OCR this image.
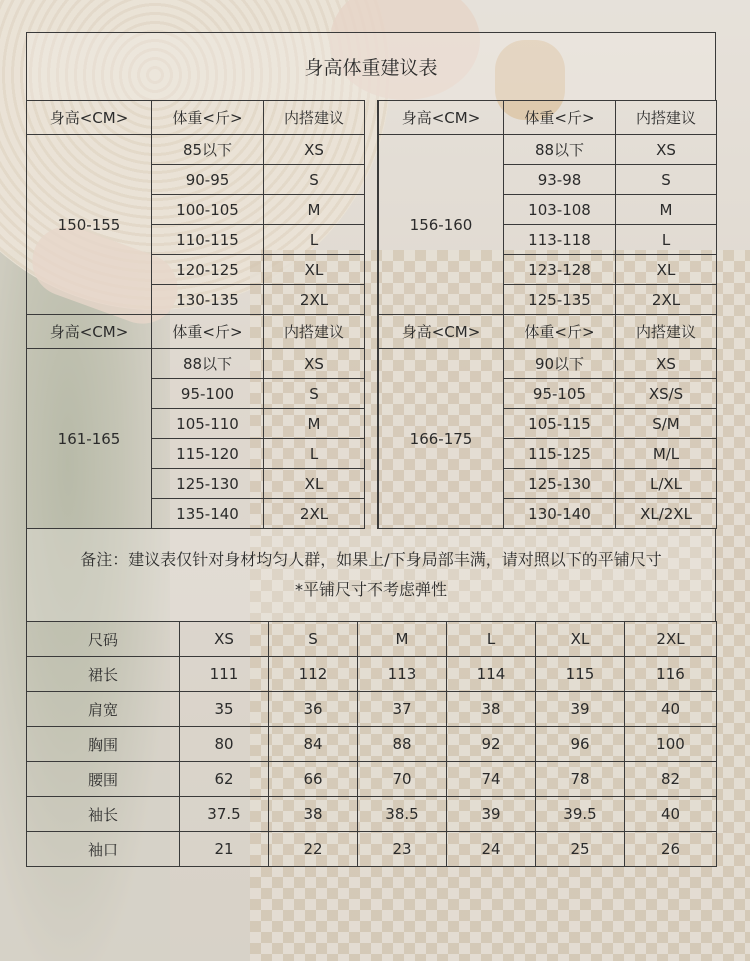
身高体重建议表
身高<CM>	体重<斤>	内搭建议
150-155	85以下	XS
	90-95	S
	100-105	M
	110-115	L
	120-125	XL
	130-135	2XL
身高<CM>	体重<斤>	内搭建议
156-160	88以下	XS
	93-98	S
	103-108	M
	113-118	L
	123-128	XL
	125-135	2XL
身高<CM>	体重<斤>	内搭建议
161-165	88以下	XS
	95-100	S
	105-110	M
	115-120	L
	125-130	XL
	135-140	2XL
身高<CM>	体重<斤>	内搭建议
166-175	90以下	XS
	95-105	XS/S
	105-115	S/M
	115-125	M/L
	125-130	L/XL
	130-140	XL/2XL
备注：建议表仅针对身材均匀人群，如果上/下身局部丰满，请对照以下的平铺尺寸
*平铺尺寸不考虑弹性
尺码	XS	S	M	L	XL	2XL
裙长	111	112	113	114	115	116
肩宽	35	36	37	38	39	40
胸围	80	84	88	92	96	100
腰围	62	66	70	74	78	82
袖长	37.5	38	38.5	39	39.5	40
袖口	21	22	23	24	25	26
